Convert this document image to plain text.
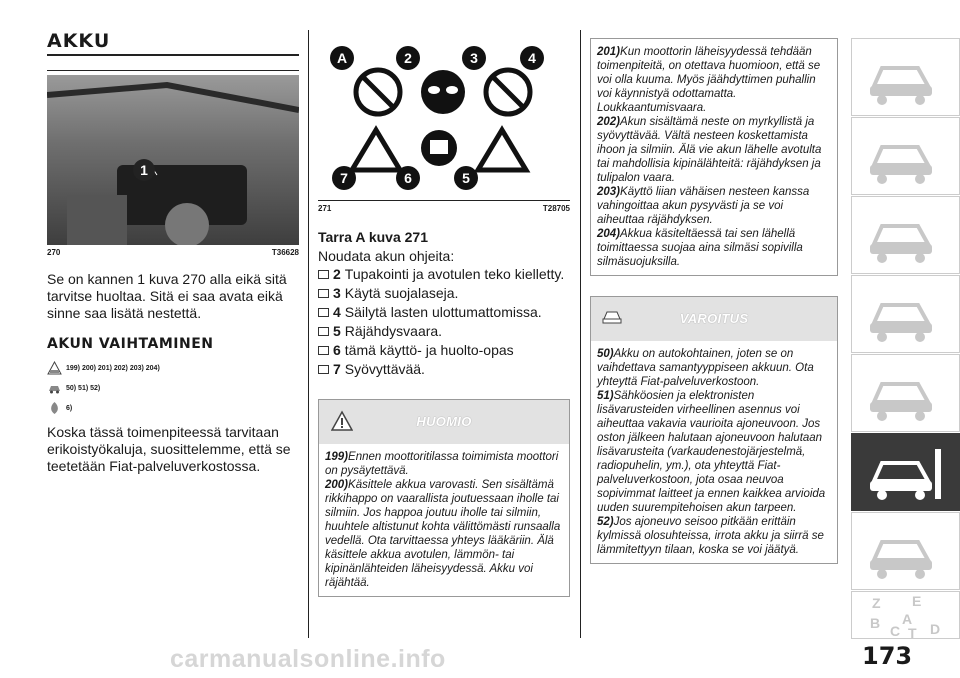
AKKU
1
270	T36628

Se on kannen 1 kuva 270 alla eikä sitä tarvitse huoltaa. Sitä ei saa avata eikä sinne saa lisätä nestettä.

AKUN VAIHTAMINEN
199) 200) 201) 202) 203) 204)
50) 51) 52)
6)

Koska tässä toimenpiteessä tarvitaan erikoistyökaluja, suosittelemme, että se teetetään Fiat-palveluverkostossa.

A	2	3	4
7	6	5
271	T28705
Tarra A kuva 271
Noudata akun ohjeita:
2 Tupakointi ja avotulen teko kielletty.
3 Käytä suojalaseja.
4 Säilytä lasten ulottumattomissa.
5 Räjähdysvaara.
6 tämä käyttö- ja huolto-opas
7 Syövyttävää.
HUOMIO
199)Ennen moottoritilassa toimimista moottori on pysäytettävä.
200)Käsittele akkua varovasti. Sen sisältämä rikkihappo on vaarallista joutuessaan iholle tai silmiin. Jos happoa joutuu iholle tai silmiin, huuhtele altistunut kohta välittömästi runsaalla vedellä. Ota tarvittaessa yhteys lääkäriin. Älä käsittele akkua avotulen, lämmön- tai kipinänlähteiden läheisyydessä. Akku voi räjähtää.
201)Kun moottorin läheisyydessä tehdään toimenpiteitä, on otettava huomioon, että se voi olla kuuma. Myös jäähdyttimen puhallin voi käynnistyä odottamatta. Loukkaantumisvaara.
202)Akun sisältämä neste on myrkyllistä ja syövyttävää. Vältä nesteen koskettamista ihoon ja silmiin. Älä vie akun lähelle avotulta tai mahdollisia kipinälähteitä: räjähdyksen ja tulipalon vaara.
203)Käyttö liian vähäisen nesteen kanssa vahingoittaa akun pysyvästi ja se voi aiheuttaa räjähdyksen.
204)Akkua käsiteltäessä tai sen lähellä toimittaessa suojaa aina silmäsi sopivilla silmäsuojuksilla.
VAROITUS
50)Akku on autokohtainen, joten se on vaihdettava samantyyppiseen akkuun. Ota yhteyttä Fiat-palveluverkostoon.
51)Sähköosien ja elektronisten lisävarusteiden virheellinen asennus voi aiheuttaa vakavia vaurioita ajoneuvoon. Jos oston jälkeen halutaan ajoneuvoon halutaan lisävarusteita (varkaudenestojärjestelmä, radiopuhelin, ym.), ota yhteyttä Fiat-palveluverkostoon, jota osaa neuvoa sopivimmat laitteet ja ennen kaikkea arvioida uuden suurempitehoisen akun tarpeen.
52)Jos ajoneuvo seisoo pitkään erittäin kylmissä olosuhteissa, irrota akku ja siirrä se lämmitettyyn tilaan, koska se voi jäätyä.
Z E
B A
C T D
173
carmanualsonline.info
